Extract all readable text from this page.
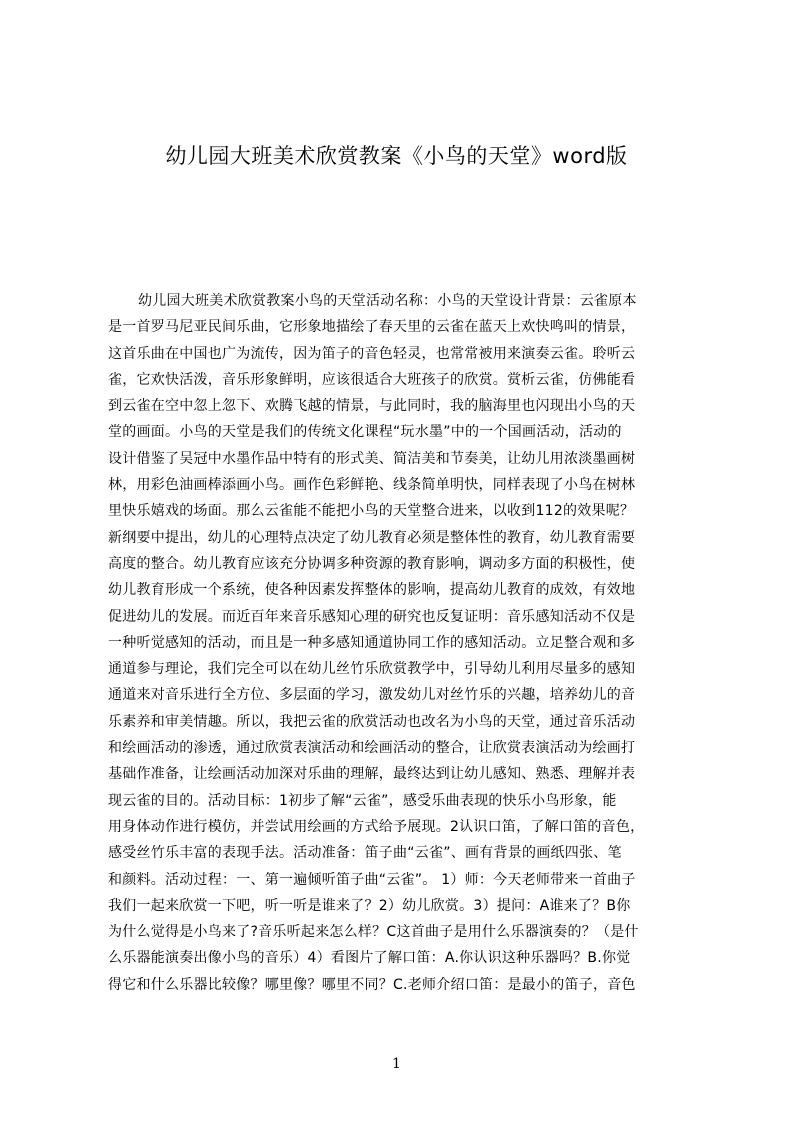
幼儿园大班美术欣赏教案《小鸟的天堂》word版
幼儿园大班美术欣赏教案小鸟的天堂活动名称：小鸟的天堂设计背景：云雀原本
是一首罗马尼亚民间乐曲，它形象地描绘了春天里的云雀在蓝天上欢快鸣叫的情景，
这首乐曲在中国也广为流传，因为笛子的音色轻灵，也常常被用来演奏云雀。聆听云
雀，它欢快活泼，音乐形象鲜明，应该很适合大班孩子的欣赏。赏析云雀，仿佛能看
到云雀在空中忽上忽下、欢腾飞越的情景，与此同时，我的脑海里也闪现出小鸟的天
堂的画面。小鸟的天堂是我们的传统文化课程“玩水墨”中的一个国画活动，活动的
设计借鉴了吴冠中水墨作品中特有的形式美、简洁美和节奏美，让幼儿用浓淡墨画树
林，用彩色油画棒添画小鸟。画作色彩鲜艳、线条简单明快，同样表现了小鸟在树林
里快乐嬉戏的场面。那么云雀能不能把小鸟的天堂整合进来，以收到112的效果呢？
新纲要中提出，幼儿的心理特点决定了幼儿教育必须是整体性的教育，幼儿教育需要
高度的整合。幼儿教育应该充分协调多种资源的教育影响，调动多方面的积极性，使
幼儿教育形成一个系统，使各种因素发挥整体的影响，提高幼儿教育的成效，有效地
促进幼儿的发展。而近百年来音乐感知心理的研究也反复证明：音乐感知活动不仅是
一种听觉感知的活动，而且是一种多感知通道协同工作的感知活动。立足整合观和多
通道参与理论，我们完全可以在幼儿丝竹乐欣赏教学中，引导幼儿利用尽量多的感知
通道来对音乐进行全方位、多层面的学习，激发幼儿对丝竹乐的兴趣，培养幼儿的音
乐素养和审美情趣。所以，我把云雀的欣赏活动也改名为小鸟的天堂，通过音乐活动
和绘画活动的渗透，通过欣赏表演活动和绘画活动的整合，让欣赏表演活动为绘画打
基础作准备，让绘画活动加深对乐曲的理解，最终达到让幼儿感知、熟悉、理解并表
现云雀的目的。活动目标：1初步了解“云雀”，感受乐曲表现的快乐小鸟形象，能
用身体动作进行模仿，并尝试用绘画的方式给予展现。2认识口笛，了解口笛的音色，
感受丝竹乐丰富的表现手法。活动准备：笛子曲“云雀”、画有背景的画纸四张、笔
和颜料。活动过程：一、第一遍倾听笛子曲“云雀”。 1）师：今天老师带来一首曲子
我们一起来欣赏一下吧，听一听是谁来了？2）幼儿欣赏。3）提问：A谁来了？B你
为什么觉得是小鸟来了?音乐听起来怎么样？C这首曲子是用什么乐器演奏的？（是什
么乐器能演奏出像小鸟的音乐）4）看图片了解口笛：A.你认识这种乐器吗？B.你觉
得它和什么乐器比较像？哪里像？哪里不同？C.老师介绍口笛：是最小的笛子，音色
1
